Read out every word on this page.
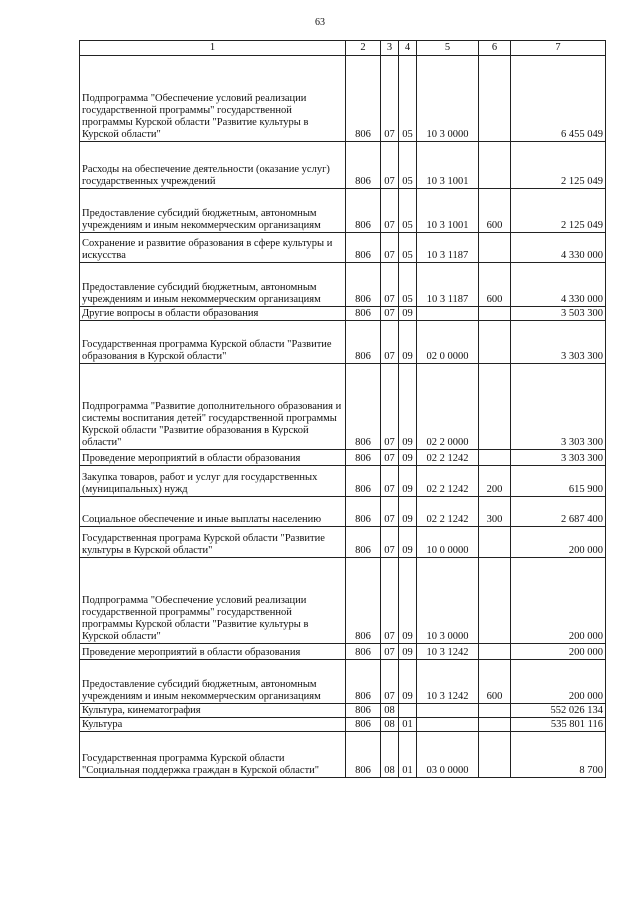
63
1	2	3	4	5	6	7
Подпрограмма "Обеспечение условий реализации государственной программы" государственной программы Курской области "Развитие культуры в Курской области"	806	07	05	10 3 0000		6 455 049
Расходы на обеспечение деятельности (оказание услуг) государственных учреждений	806	07	05	10 3 1001		2 125 049
Предоставление субсидий бюджетным, автономным учреждениям и иным некоммерческим организациям	806	07	05	10 3 1001	600	2 125 049
Сохранение и развитие образования в сфере культуры и искусства	806	07	05	10 3 1187		4 330 000
Предоставление субсидий бюджетным, автономным учреждениям и иным некоммерческим организациям	806	07	05	10 3 1187	600	4 330 000
Другие вопросы в области образования	806	07	09			3 503 300
Государственная программа Курской области "Развитие образования в Курской области"	806	07	09	02 0 0000		3 303 300
Подпрограмма "Развитие дополнительного образования и системы воспитания детей" государственной программы Курской области "Развитие образования в Курской области"	806	07	09	02 2 0000		3 303 300
Проведение мероприятий в области образования	806	07	09	02 2 1242		3 303 300
Закупка товаров, работ и услуг для государственных (муниципальных) нужд	806	07	09	02 2 1242	200	615 900
Социальное обеспечение и иные выплаты населению	806	07	09	02 2 1242	300	2 687 400
Государственная програма Курской области "Развитие культуры в Курской области"	806	07	09	10 0 0000		200 000
Подпрограмма "Обеспечение условий реализации государственной программы" государственной программы Курской области "Развитие культуры в Курской области"	806	07	09	10 3 0000		200 000
Проведение мероприятий в области образования	806	07	09	10 3 1242		200 000
Предоставление субсидий бюджетным, автономным учреждениям и иным некоммерческим организациям	806	07	09	10 3 1242	600	200 000
Культура, кинематография	806	08				552 026 134
Культура	806	08	01			535 801 116
Государственная программа Курской области "Социальная поддержка граждан в Курской области"	806	08	01	03 0 0000		8 700
